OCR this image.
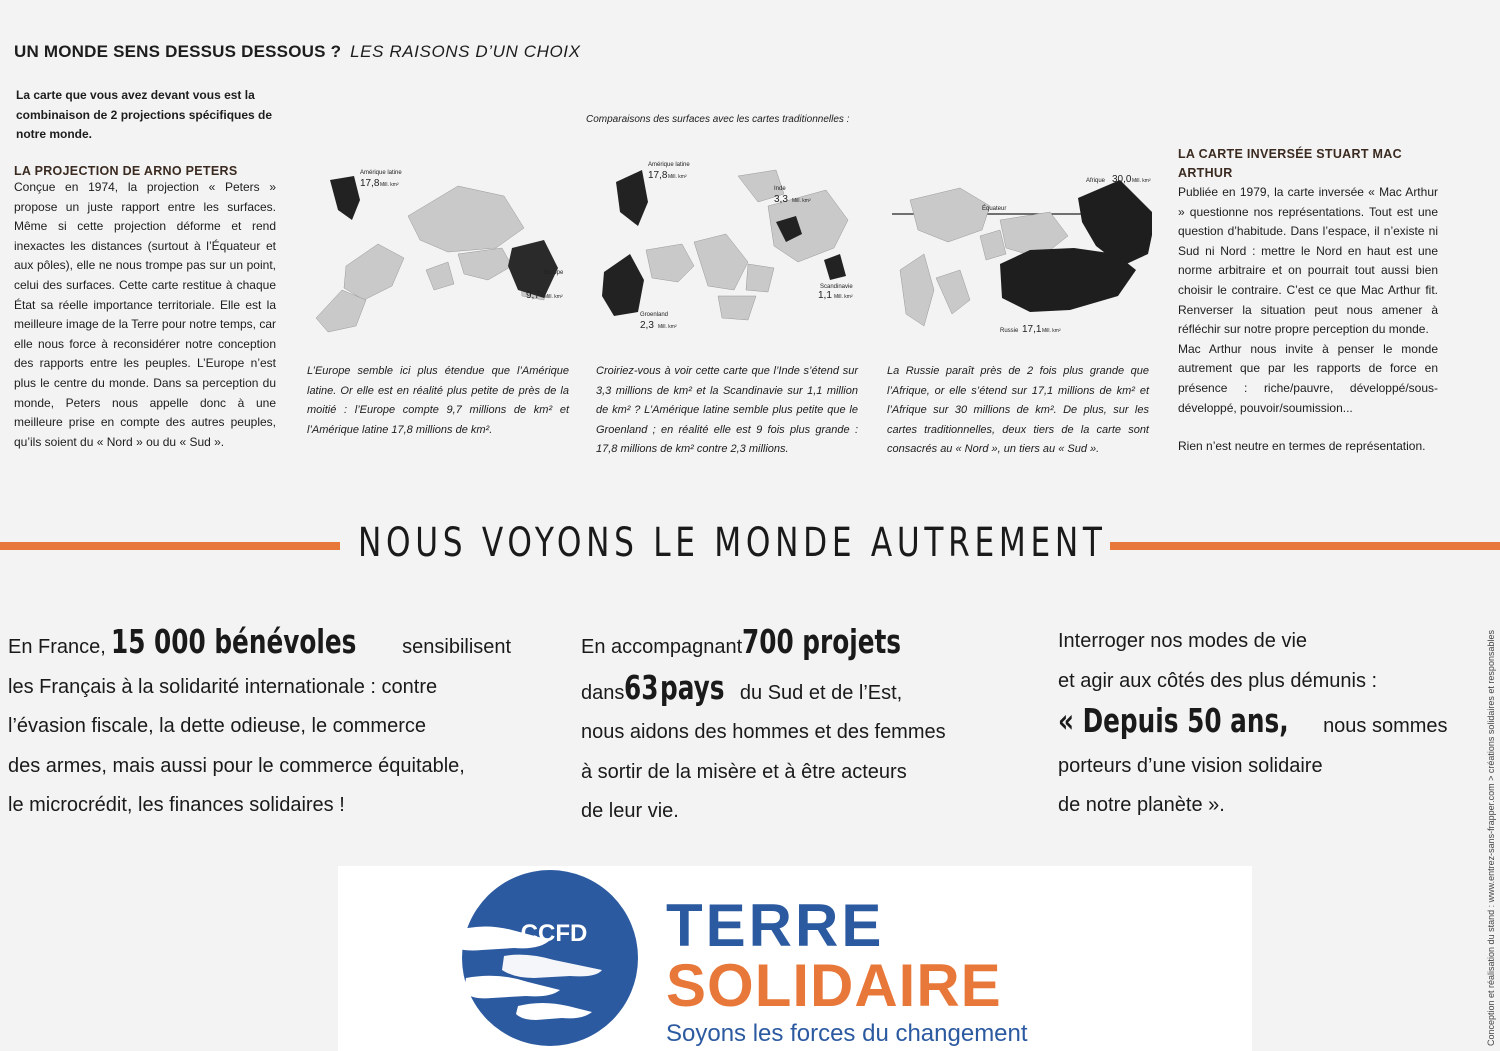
UN MONDE SENS DESSUS DESSOUS ? LES RAISONS D’UN CHOIX
La carte que vous avez devant vous est la combinaison de 2 projections spécifiques de notre monde.
LA PROJECTION DE ARNO PETERS

Conçue en 1974, la projection « Peters » propose un juste rapport entre les surfaces. Même si cette projection déforme et rend inexactes les distances (surtout à l’Équateur et aux pôles), elle ne nous trompe pas sur un point, celui des surfaces. Cette carte restitue à chaque État sa réelle importance territoriale. Elle est la meilleure image de la Terre pour notre temps, car elle nous force à reconsidérer notre conception des rapports entre les peuples. L’Europe n’est plus le centre du monde. Dans sa perception du monde, Peters nous appelle donc à une meilleure prise en compte des autres peuples, qu’ils soient du « Nord » ou du « Sud ».

Comparaisons des surfaces avec les cartes traditionnelles :
Amérique latine
17,8 Mill. km²
Europe
9,7 Mill. km²

L’Europe semble ici plus étendue que l’Amérique latine. Or elle est en réalité plus petite de près de la moitié : l’Europe compte 9,7 millions de km² et l’Amérique latine 17,8 millions de km².

Amérique latine
17,8 Mill. km²
Inde
3,3 Mill. km²
Scandinavie
1,1 Mill. km²
Groenland
2,3 Mill. km²

Croiriez-vous à voir cette carte que l’Inde s’étend sur 3,3 millions de km² et la Scandinavie sur 1,1 million de km² ? L’Amérique latine semble plus petite que le Groenland ; en réalité elle est 9 fois plus grande : 17,8 millions de km² contre 2,3 millions.

Afrique 30,0 Mill. km²
Équateur
Russie 17,1 Mill. km²

La Russie paraît près de 2 fois plus grande que l’Afrique, or elle s’étend sur 17,1 millions de km² et l’Afrique sur 30 millions de km². De plus, sur les cartes traditionnelles, deux tiers de la carte sont consacrés au « Nord », un tiers au « Sud ».

LA CARTE INVERSÉE STUART MAC ARTHUR

Publiée en 1979, la carte inversée « Mac Arthur » questionne nos représentations. Tout est une question d’habitude. Dans l’espace, il n’existe ni Sud ni Nord : mettre le Nord en haut est une norme arbitraire et on pourrait tout aussi bien choisir le contraire. C’est ce que Mac Arthur fit. Renverser la situation peut nous amener à réfléchir sur notre propre perception du monde.

Mac Arthur nous invite à penser le monde autrement que par les rapports de force en présence : riche/pauvre, développé/sous-développé, pouvoir/soumission...

Rien n’est neutre en termes de représentation.

NOUS VOYONS LE MONDE AUTREMENT
En France, 15 000 bénévoles sensibilisent
les Français à la solidarité internationale : contre
l’évasion fiscale, la dette odieuse, le commerce
des armes, mais aussi pour le commerce équitable,
le microcrédit, les finances solidaires !
En accompagnant700 projets
dans63pays du Sud et de l’Est,
nous aidons des hommes et des femmes
à sortir de la misère et à être acteurs
de leur vie.
Interroger nos modes de vie
et agir aux côtés des plus démunis :
« Depuis 50 ans, nous sommes
porteurs d’une vision solidaire
de notre planète ».
CCFD TERRE
SOLIDAIRE
Soyons les forces du changement	Conception et réalisation du stand : www.entrez-sans-frapper.com > créations solidaires et responsables
